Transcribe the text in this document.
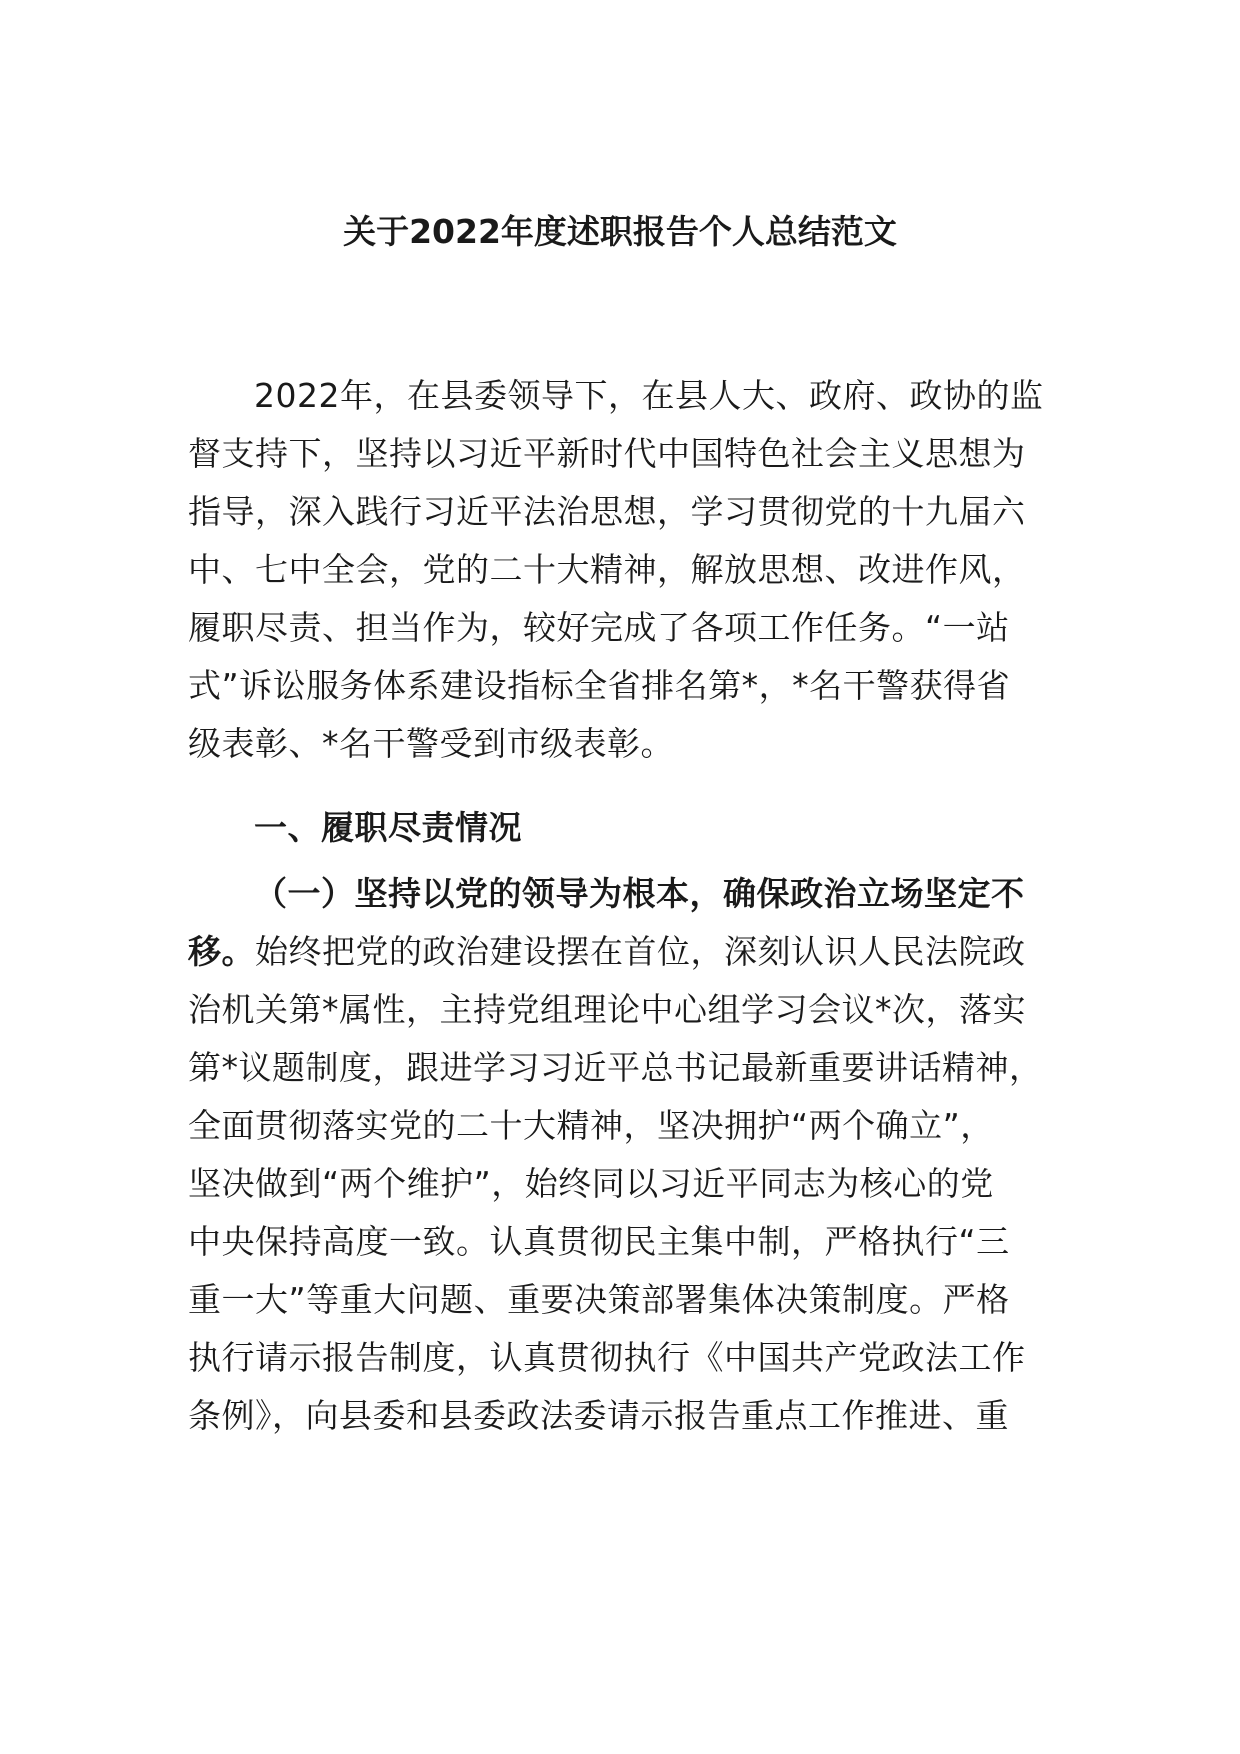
关于2022年度述职报告个人总结范文
2022年，在县委领导下，在县人大、政府、政协的监
督支持下，坚持以习近平新时代中国特色社会主义思想为
指导，深入践行习近平法治思想，学习贯彻党的十九届六
中、七中全会，党的二十大精神，解放思想、改进作风，
履职尽责、担当作为，较好完成了各项工作任务。“一站
式”诉讼服务体系建设指标全省排名第*，*名干警获得省
级表彰、*名干警受到市级表彰。
一、履职尽责情况
（一）坚持以党的领导为根本，确保政治立场坚定不
移。始终把党的政治建设摆在首位，深刻认识人民法院政
治机关第*属性，主持党组理论中心组学习会议*次，落实
第*议题制度，跟进学习习近平总书记最新重要讲话精神，
全面贯彻落实党的二十大精神，坚决拥护“两个确立”，
坚决做到“两个维护”，始终同以习近平同志为核心的党
中央保持高度一致。认真贯彻民主集中制，严格执行“三
重一大”等重大问题、重要决策部署集体决策制度。严格
执行请示报告制度，认真贯彻执行《中国共产党政法工作
条例》，向县委和县委政法委请示报告重点工作推进、重
